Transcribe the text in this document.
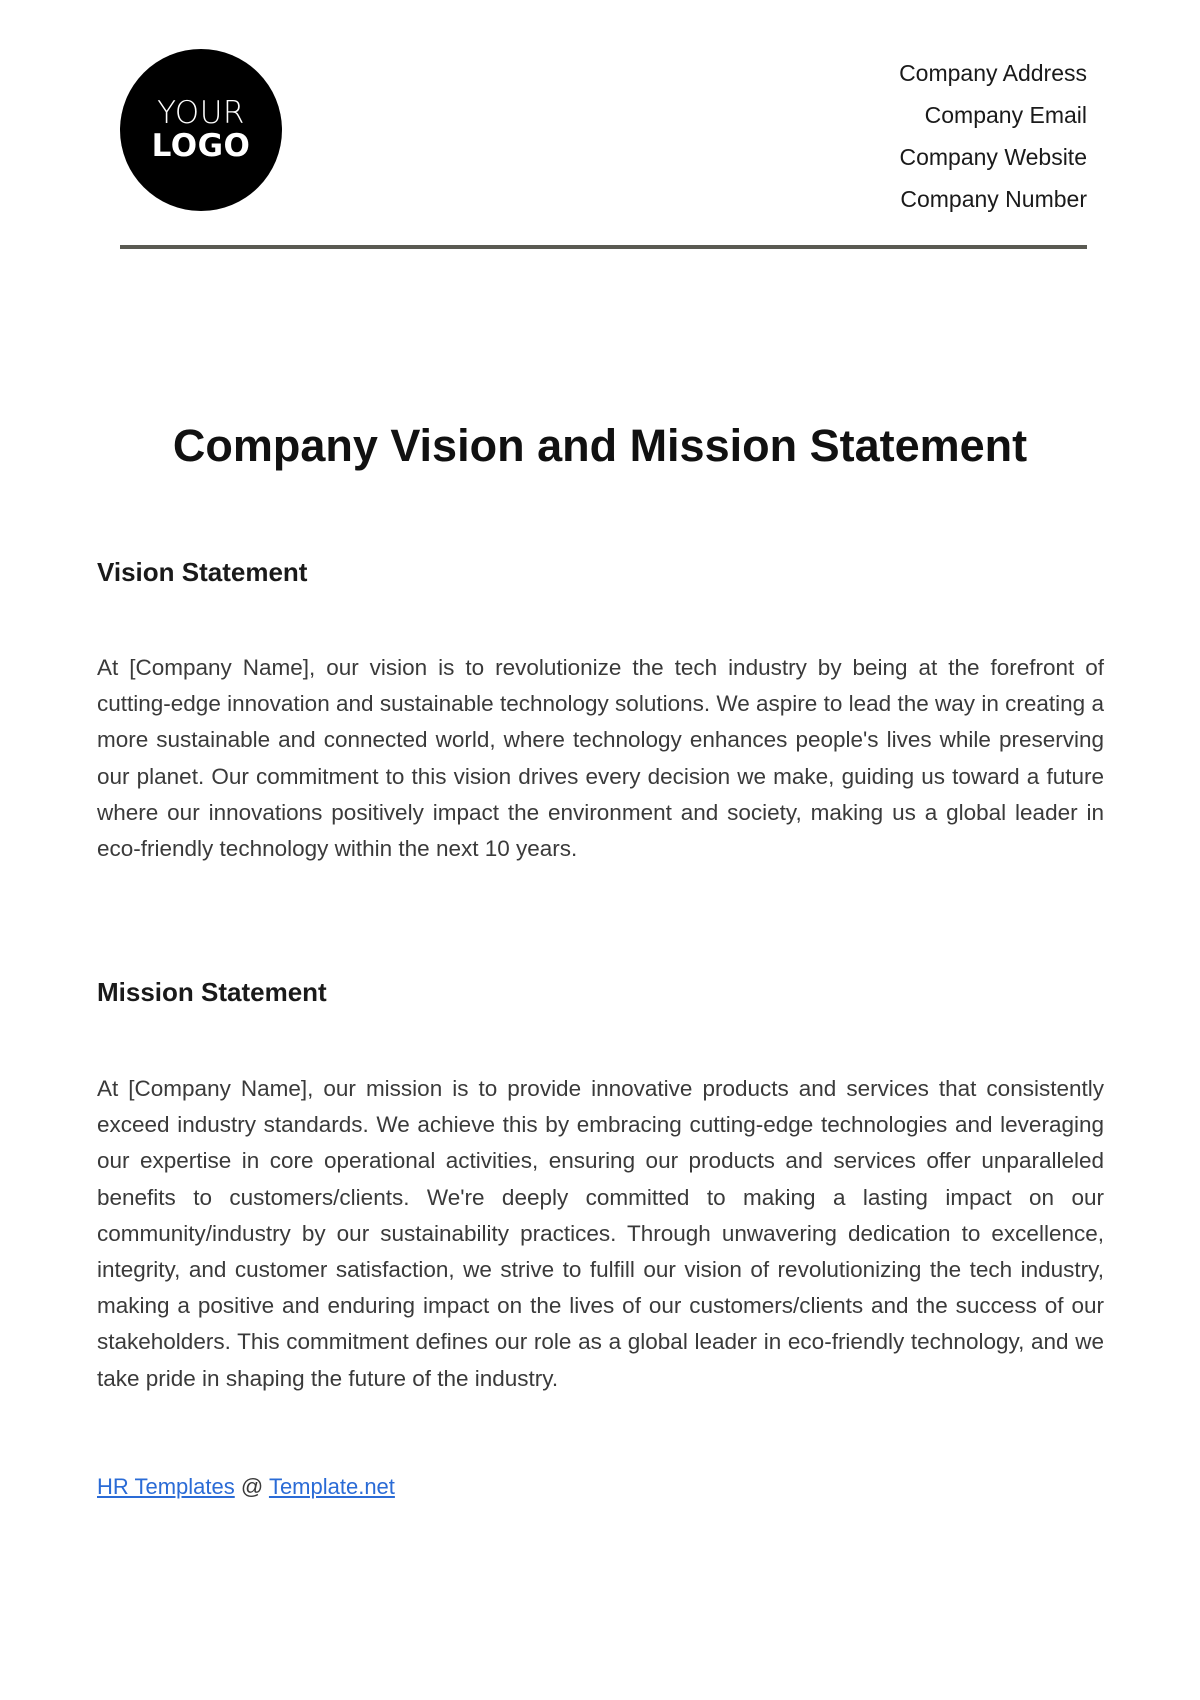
YOUR
LOGO
Company Address
Company Email
Company Website
Company Number
Company Vision and Mission Statement
Vision Statement

At [Company Name], our vision is to revolutionize the tech industry by being at the forefront of cutting-edge innovation and sustainable technology solutions. We aspire to lead the way in creating a more sustainable and connected world, where technology enhances people's lives while preserving our planet. Our commitment to this vision drives every decision we make, guiding us toward a future where our innovations positively impact the environment and society, making us a global leader in eco-friendly technology within the next 10 years.

Mission Statement

At [Company Name], our mission is to provide innovative products and services that consistently exceed industry standards. We achieve this by embracing cutting-edge technologies and leveraging our expertise in core operational activities, ensuring our products and services offer unparalleled benefits to customers/clients. We're deeply committed to making a lasting impact on our community/industry by our sustainability practices. Through unwavering dedication to excellence, integrity, and customer satisfaction, we strive to fulfill our vision of revolutionizing the tech industry, making a positive and enduring impact on the lives of our customers/clients and the success of our stakeholders. This commitment defines our role as a global leader in eco-friendly technology, and we take pride in shaping the future of the industry.

HR Templates @ Template.net
